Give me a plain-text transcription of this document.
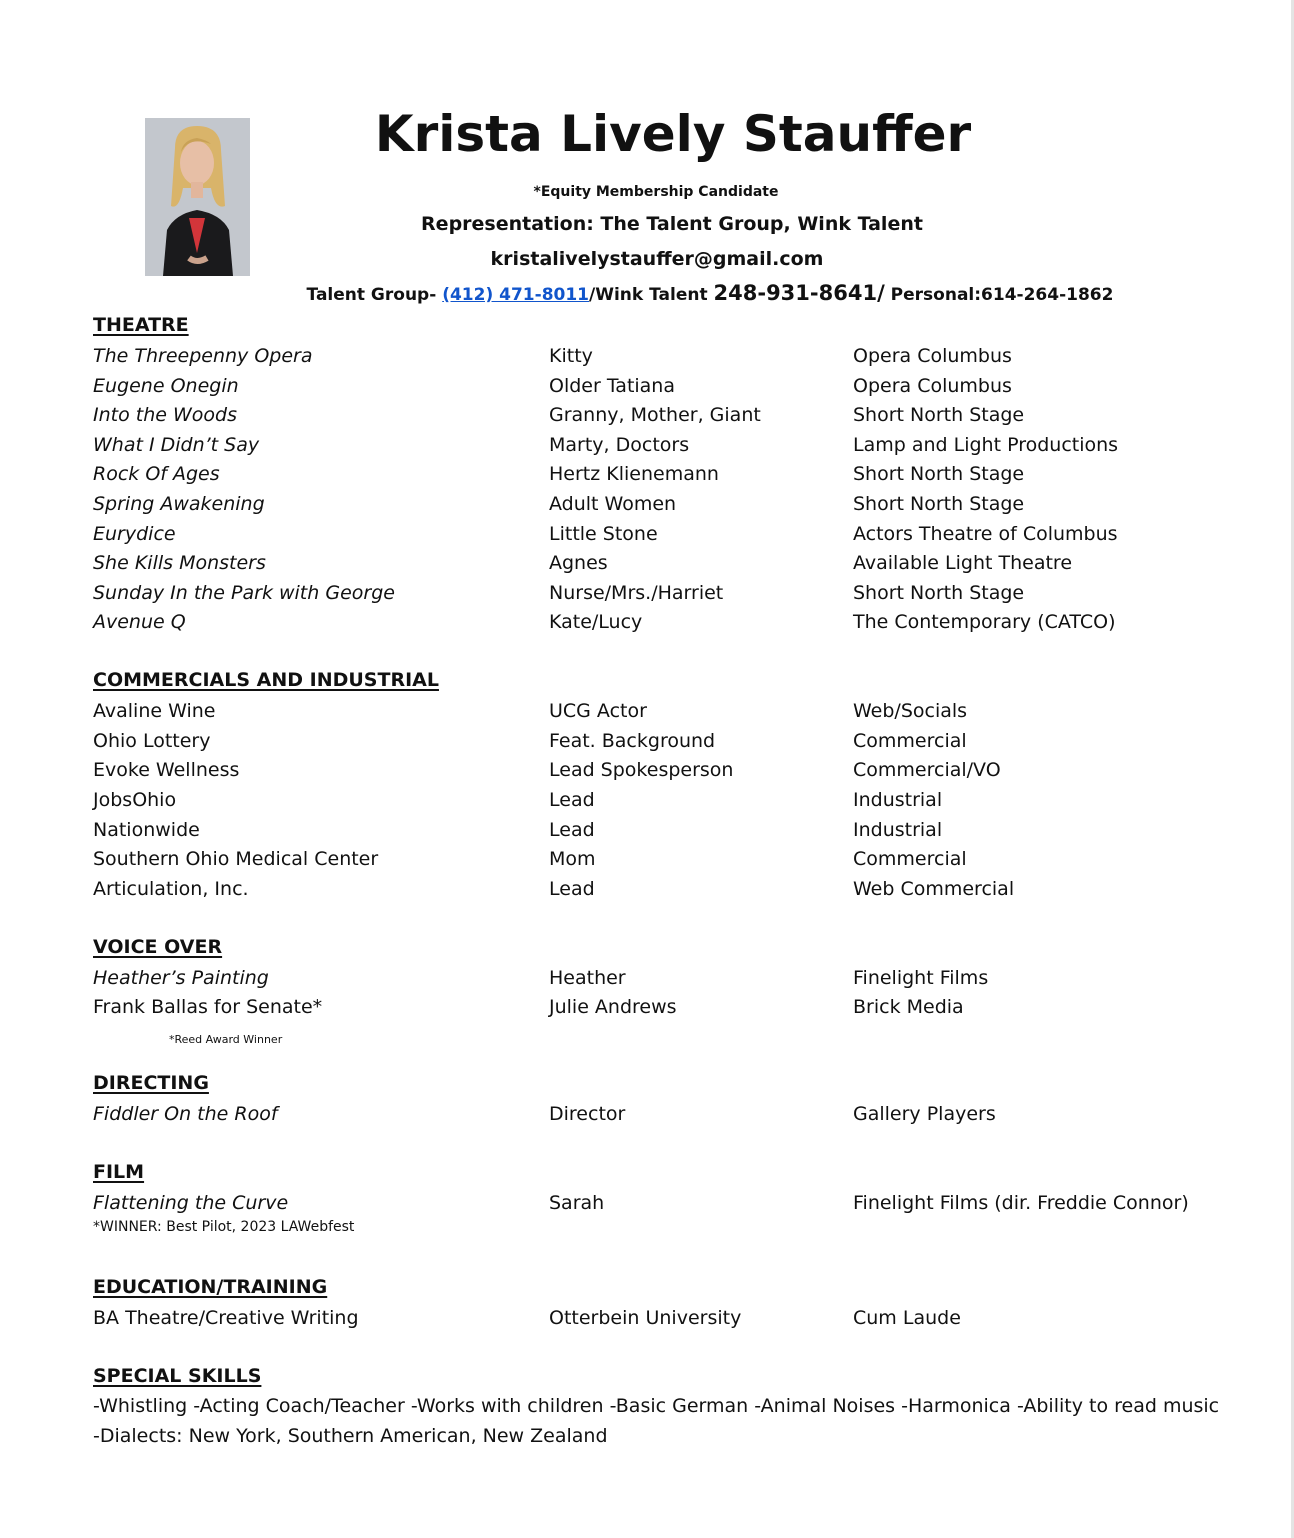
Krista Lively Stauffer
*Equity Membership Candidate
Representation: The Talent Group, Wink Talent
kristalivelystauffer@gmail.com
Talent Group- (412) 471-8011/Wink Talent 248-931-8641/ Personal:614-264-1862
THEATRE
The Threepenny Opera	Kitty	Opera Columbus
Eugene Onegin	Older Tatiana	Opera Columbus
Into the Woods	Granny, Mother, Giant	Short North Stage
What I Didn’t Say	Marty, Doctors	Lamp and Light Productions
Rock Of Ages	Hertz Klienemann	Short North Stage
Spring Awakening	Adult Women	Short North Stage
Eurydice	Little Stone	Actors Theatre of Columbus
She Kills Monsters	Agnes	Available Light Theatre
Sunday In the Park with George	Nurse/Mrs./Harriet	Short North Stage
Avenue Q	Kate/Lucy	The Contemporary (CATCO)
COMMERCIALS AND INDUSTRIAL
Avaline Wine	UCG Actor	Web/Socials
Ohio Lottery	Feat. Background	Commercial
Evoke Wellness	Lead Spokesperson	Commercial/VO
JobsOhio	Lead	Industrial
Nationwide	Lead	Industrial
Southern Ohio Medical Center	Mom	Commercial
Articulation, Inc.	Lead	Web Commercial
VOICE OVER
Heather’s Painting	Heather	Finelight Films
Frank Ballas for Senate*	Julie Andrews	Brick Media
*Reed Award Winner
DIRECTING
Fiddler On the Roof	Director	Gallery Players
FILM
Flattening the Curve	Sarah	Finelight Films (dir. Freddie Connor)
*WINNER: Best Pilot, 2023 LAWebfest
EDUCATION/TRAINING
BA Theatre/Creative Writing	Otterbein University	Cum Laude
SPECIAL SKILLS
-Whistling -Acting Coach/Teacher -Works with children -Basic German -Animal Noises -Harmonica -Ability to read music -Dialects: New York, Southern American, New Zealand
